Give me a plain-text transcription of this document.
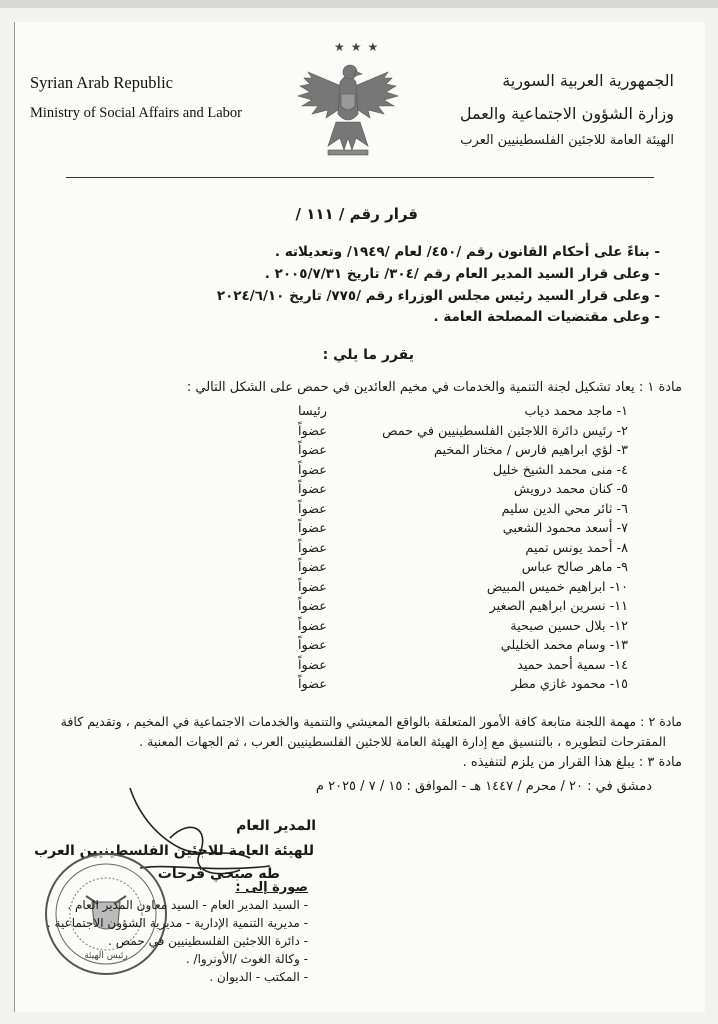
Syrian Arab Republic
Ministry of Social Affairs and Labor
الجمهورية العربية السورية
وزارة الشؤون الاجتماعية والعمل
الهيئة العامة للاجئين الفلسطينيين العرب
★★★
قرار رقم / ١١١ /
- بناءً على أحكام القانون رقم /٤٥٠/ لعام /١٩٤٩/ وتعديلاته .
- وعلى قرار السيد المدير العام رقم /٣٠٤/ تاريخ ٢٠٠٥/٧/٣١ .
- وعلى قرار السيد رئيس مجلس الوزراء رقم /٧٧٥/ تاريخ ٢٠٢٤/٦/١٠
- وعلى مقتضيات المصلحة العامة .
يقرر ما يلي :
مادة ١ : يعاد تشكيل لجنة التنمية والخدمات في مخيم العائدين في حمص على الشكل التالي :
١- ماجد محمد دياب
رئيسا
٢- رئيس دائرة اللاجئين الفلسطينيين في حمص
عضواً
٣- لؤي ابراهيم فارس / مختار المخيم
عضواً
٤- منى محمد الشيخ خليل
عضواً
٥- كنان محمد درويش
عضواً
٦- ثائر محي الدين سليم
عضواً
٧- أسعد محمود الشعبي
عضواً
٨- أحمد يونس تميم
عضواً
٩- ماهر صالح عباس
عضواً
١٠- ابراهيم خميس المبيض
عضواً
١١- نسرين ابراهيم الصغير
عضواً
١٢- بلال حسين صبحية
عضواً
١٣- وسام محمد الخليلي
عضواً
١٤- سمية أحمد حميد
عضواً
١٥- محمود غازي مطر
عضواً
مادة ٢ : مهمة اللجنة متابعة كافة الأمور المتعلقة بالواقع المعيشي والتنمية والخدمات الاجتماعية في المخيم ، وتقديم كافة
المقترحات لتطويره ، بالتنسيق مع إدارة الهيئة العامة للاجئين الفلسطينيين العرب ، ثم الجهات المعنية .
مادة ٣ : يبلغ هذا القرار من يلزم لتنفيذه .
دمشق في : ٢٠ / محرم / ١٤٤٧ هـ - الموافق : ١٥ / ٧ / ٢٠٢٥ م
المدير العام
للهيئة العامة للاجئين الفلسطينيين العرب
طه صبحي فرحات
رئيس الهيئة
صورة إلى :
- السيد المدير العام - السيد معاون المدير العام .
- مديرية التنمية الإدارية - مديرية الشؤون الاجتماعية .
- دائرة اللاجئين الفلسطينيين في حمص .
- وكالة الغوث /الأونروا/ .
- المكتب - الديوان .
